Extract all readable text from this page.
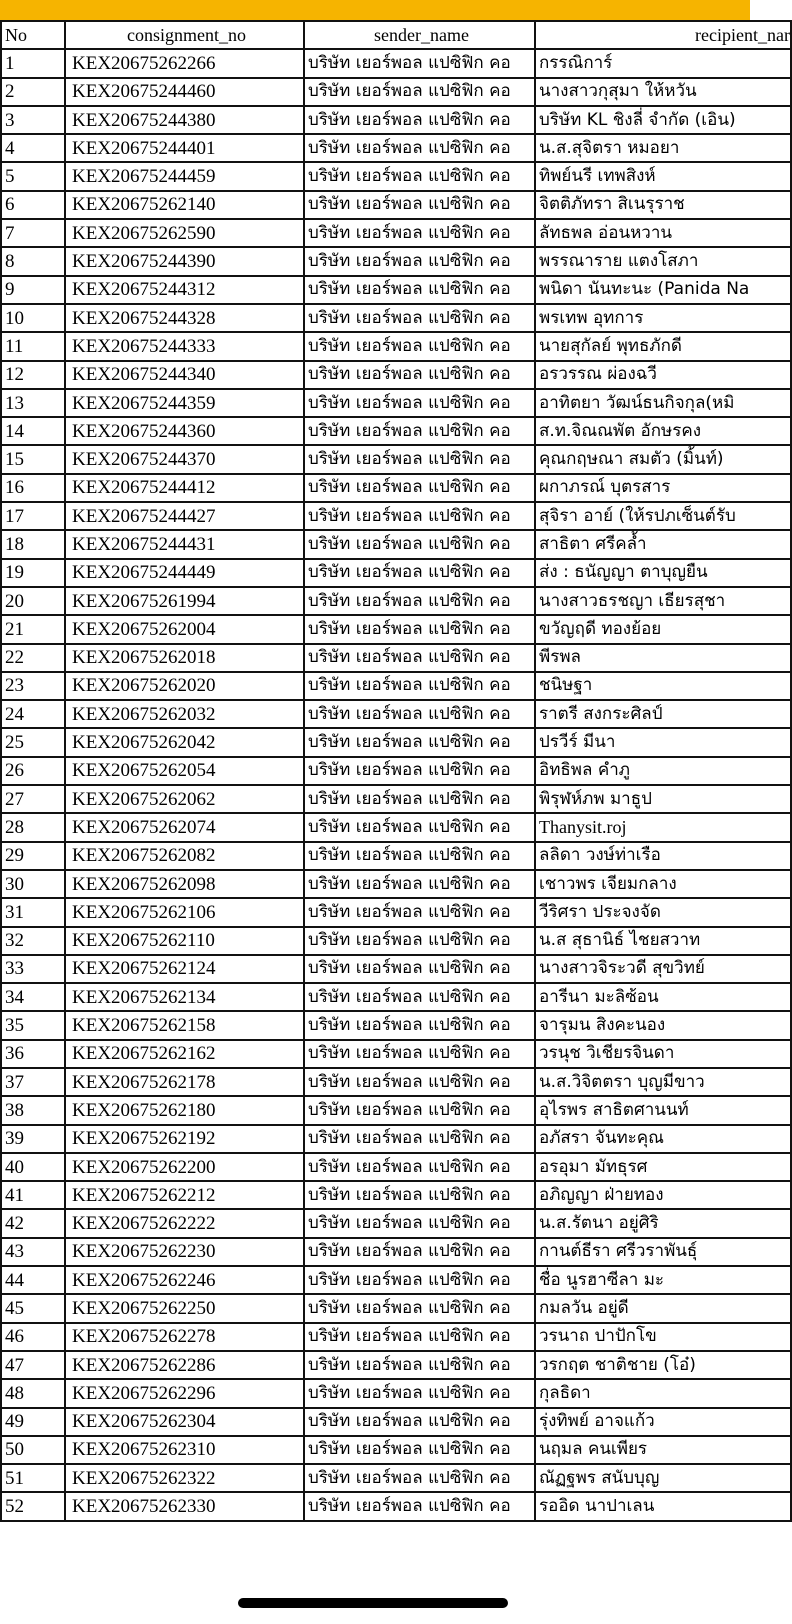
No	consignment_no	sender_name	recipient_nar
1	KEX20675262266	บริษัท เยอร์พอล แปซิฟิก คอ	กรรณิการ์
2	KEX20675244460	บริษัท เยอร์พอล แปซิฟิก คอ	นางสาวกุสุมา ให้หวัน
3	KEX20675244380	บริษัท เยอร์พอล แปซิฟิก คอ	บริษัท KL ชิงลี่ จำกัด (เอิน)
4	KEX20675244401	บริษัท เยอร์พอล แปซิฟิก คอ	น.ส.สุจิตรา หมอยา
5	KEX20675244459	บริษัท เยอร์พอล แปซิฟิก คอ	ทิพย์นรี เทพสิงห์
6	KEX20675262140	บริษัท เยอร์พอล แปซิฟิก คอ	จิตติภัทรา สิเนรุราช
7	KEX20675262590	บริษัท เยอร์พอล แปซิฟิก คอ	ลัทธพล อ่อนหวาน
8	KEX20675244390	บริษัท เยอร์พอล แปซิฟิก คอ	พรรณาราย แตงโสภา
9	KEX20675244312	บริษัท เยอร์พอล แปซิฟิก คอ	พนิดา นันทะนะ (Panida Na
10	KEX20675244328	บริษัท เยอร์พอล แปซิฟิก คอ	พรเทพ อุทการ
11	KEX20675244333	บริษัท เยอร์พอล แปซิฟิก คอ	นายสุกัลย์ พุทธภักดี
12	KEX20675244340	บริษัท เยอร์พอล แปซิฟิก คอ	อรวรรณ ผ่องฉวี
13	KEX20675244359	บริษัท เยอร์พอล แปซิฟิก คอ	อาทิตยา วัฒน์ธนกิจกุล(หมิ
14	KEX20675244360	บริษัท เยอร์พอล แปซิฟิก คอ	ส.ท.จิณณพัต อักษรคง
15	KEX20675244370	บริษัท เยอร์พอล แปซิฟิก คอ	คุณกฤษณา สมตัว (มิ้นท์)
16	KEX20675244412	บริษัท เยอร์พอล แปซิฟิก คอ	ผกาภรณ์ บุตรสาร
17	KEX20675244427	บริษัท เยอร์พอล แปซิฟิก คอ	สุจิรา อาย์ (ให้รปภเซ็นต์รับ
18	KEX20675244431	บริษัท เยอร์พอล แปซิฟิก คอ	สาธิตา ศรีคล้ำ
19	KEX20675244449	บริษัท เยอร์พอล แปซิฟิก คอ	ส่ง : ธนัญญา ตาบุญยืน
20	KEX20675261994	บริษัท เยอร์พอล แปซิฟิก คอ	นางสาวธรชญา เธียรสุชา
21	KEX20675262004	บริษัท เยอร์พอล แปซิฟิก คอ	ขวัญฤดี ทองย้อย
22	KEX20675262018	บริษัท เยอร์พอล แปซิฟิก คอ	พีรพล
23	KEX20675262020	บริษัท เยอร์พอล แปซิฟิก คอ	ชนิษฐา
24	KEX20675262032	บริษัท เยอร์พอล แปซิฟิก คอ	ราตรี สงกระศิลป์
25	KEX20675262042	บริษัท เยอร์พอล แปซิฟิก คอ	ปรวีร์ มีนา
26	KEX20675262054	บริษัท เยอร์พอล แปซิฟิก คอ	อิทธิพล คำภู
27	KEX20675262062	บริษัท เยอร์พอล แปซิฟิก คอ	พิรุฬห์ภพ มาธูป
28	KEX20675262074	บริษัท เยอร์พอล แปซิฟิก คอ	Thanysit.roj
29	KEX20675262082	บริษัท เยอร์พอล แปซิฟิก คอ	ลลิดา วงษ์ท่าเรือ
30	KEX20675262098	บริษัท เยอร์พอล แปซิฟิก คอ	เชาวพร เจียมกลาง
31	KEX20675262106	บริษัท เยอร์พอล แปซิฟิก คอ	วีริศรา ประจงจัด
32	KEX20675262110	บริษัท เยอร์พอล แปซิฟิก คอ	น.ส สุธานิธ์ ไชยสวาท
33	KEX20675262124	บริษัท เยอร์พอล แปซิฟิก คอ	นางสาวจิระวดี สุขวิทย์
34	KEX20675262134	บริษัท เยอร์พอล แปซิฟิก คอ	อารีนา มะลิซ้อน
35	KEX20675262158	บริษัท เยอร์พอล แปซิฟิก คอ	จารุมน สิงคะนอง
36	KEX20675262162	บริษัท เยอร์พอล แปซิฟิก คอ	วรนุช วิเชียรจินดา
37	KEX20675262178	บริษัท เยอร์พอล แปซิฟิก คอ	น.ส.วิจิตตรา บุญมีขาว
38	KEX20675262180	บริษัท เยอร์พอล แปซิฟิก คอ	อุไรพร สาธิตศานนท์
39	KEX20675262192	บริษัท เยอร์พอล แปซิฟิก คอ	อภัสรา จันทะคุณ
40	KEX20675262200	บริษัท เยอร์พอล แปซิฟิก คอ	อรอุมา มัทธุรศ
41	KEX20675262212	บริษัท เยอร์พอล แปซิฟิก คอ	อภิญญา ฝ่ายทอง
42	KEX20675262222	บริษัท เยอร์พอล แปซิฟิก คอ	น.ส.รัตนา อยู่ศิริ
43	KEX20675262230	บริษัท เยอร์พอล แปซิฟิก คอ	กานต์ธีรา ศรีวราพันธุ์
44	KEX20675262246	บริษัท เยอร์พอล แปซิฟิก คอ	ชื่อ นูรฮาซีลา มะ
45	KEX20675262250	บริษัท เยอร์พอล แปซิฟิก คอ	กมลวัน อยู่ดี
46	KEX20675262278	บริษัท เยอร์พอล แปซิฟิก คอ	วรนาถ ปาปักโข
47	KEX20675262286	บริษัท เยอร์พอล แปซิฟิก คอ	วรกฤต ชาติชาย (โอ๋)
48	KEX20675262296	บริษัท เยอร์พอล แปซิฟิก คอ	กุลธิดา
49	KEX20675262304	บริษัท เยอร์พอล แปซิฟิก คอ	รุ่งทิพย์ อาจแก้ว
50	KEX20675262310	บริษัท เยอร์พอล แปซิฟิก คอ	นฤมล คนเพียร
51	KEX20675262322	บริษัท เยอร์พอล แปซิฟิก คอ	ณัฏฐพร สนับบุญ
52	KEX20675262330	บริษัท เยอร์พอล แปซิฟิก คอ	รออิด นาปาเลน
